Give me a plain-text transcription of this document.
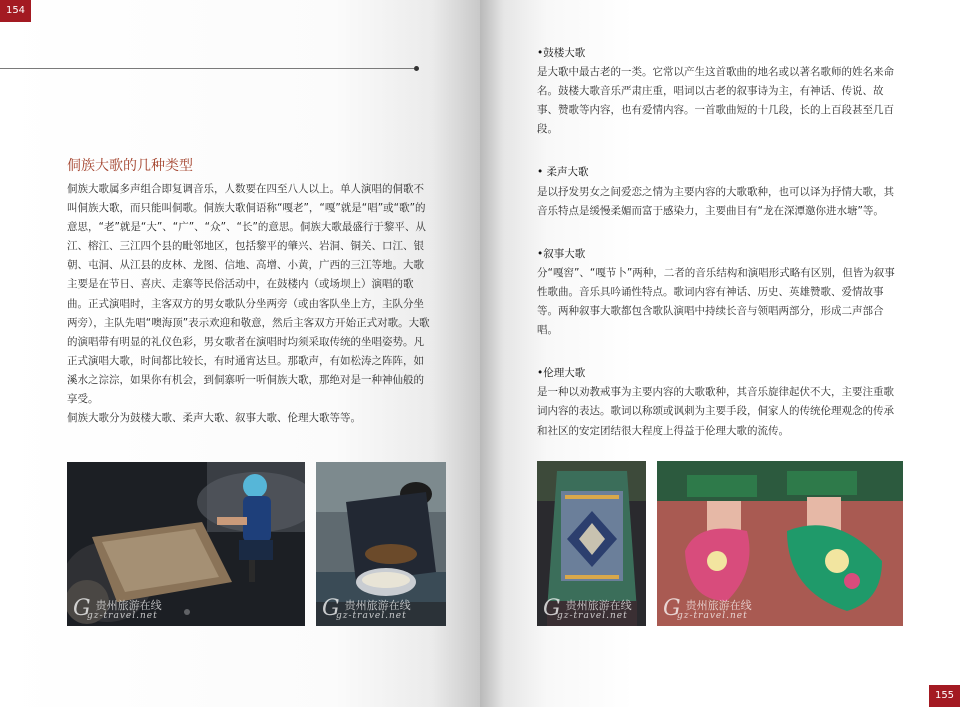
154
侗族大歌的几种类型

侗族大歌属多声组合即复调音乐，人数要在四至八人以上。单人演唱的侗歌不叫侗族大歌，而只能叫侗歌。侗族大歌侗语称“嘎老”，“嘎”就是“唱”或“歌”的意思，“老”就是“大”、“广”、“众”、“长”的意思。侗族大歌最盛行于黎平、从江、榕江、三江四个县的毗邻地区，包括黎平的肇兴、岩洞、铜关、口江、银朝、屯洞、从江县的皮林、龙图、信地、高增、小黄，广西的三江等地。大歌主要是在节日、喜庆、走寨等民俗活动中，在鼓楼内（或场坝上）演唱的歌曲。正式演唱时，主客双方的男女歌队分坐两旁（或由客队坐上方，主队分坐两旁），主队先唱“噢海顶”表示欢迎和敬意，然后主客双方开始正式对歌。大歌的演唱带有明显的礼仪色彩，男女歌者在演唱时均须采取传统的坐唱姿势。凡正式演唱大歌，时间都比较长，有时通宵达旦。那歌声，有如松涛之阵阵，如溪水之淙淙，如果你有机会，到侗寨听一听侗族大歌，那绝对是一种神仙般的享受。

侗族大歌分为鼓楼大歌、柔声大歌、叙事大歌、伦理大歌等等。

G 贵州旅游在线
gz-travel.net	G 贵州旅游在线
gz-travel.net
155

•鼓楼大歌

是大歌中最古老的一类。它常以产生这首歌曲的地名或以著名歌师的姓名来命名。鼓楼大歌音乐严肃庄重，唱词以古老的叙事诗为主，有神话、传说、故事、赞歌等内容，也有爱情内容。一首歌曲短的十几段，长的上百段甚至几百段。

• 柔声大歌

是以抒发男女之间爱恋之情为主要内容的大歌歌种，也可以译为抒情大歌，其音乐特点是缓慢柔媚而富于感染力，主要曲目有“龙在深潭邀你进水塘”等。

•叙事大歌

分“嘎窖”、“嘎节卜”两种，二者的音乐结构和演唱形式略有区别，但皆为叙事性歌曲。音乐具吟诵性特点。歌词内容有神话、历史、英雄赞歌、爱情故事等。两种叙事大歌都包含歌队演唱中持续长音与领唱两部分，形成二声部合唱。

•伦理大歌

是一种以劝教戒事为主要内容的大歌歌种，其音乐旋律起伏不大，主要注重歌词内容的表达。歌词以称颂或讽刺为主要手段，侗家人的传统伦理观念的传承和社区的安定团结很大程度上得益于伦理大歌的流传。

G 贵州旅游在线
gz-travel.net G 贵州旅游在线
gz-travel.net
